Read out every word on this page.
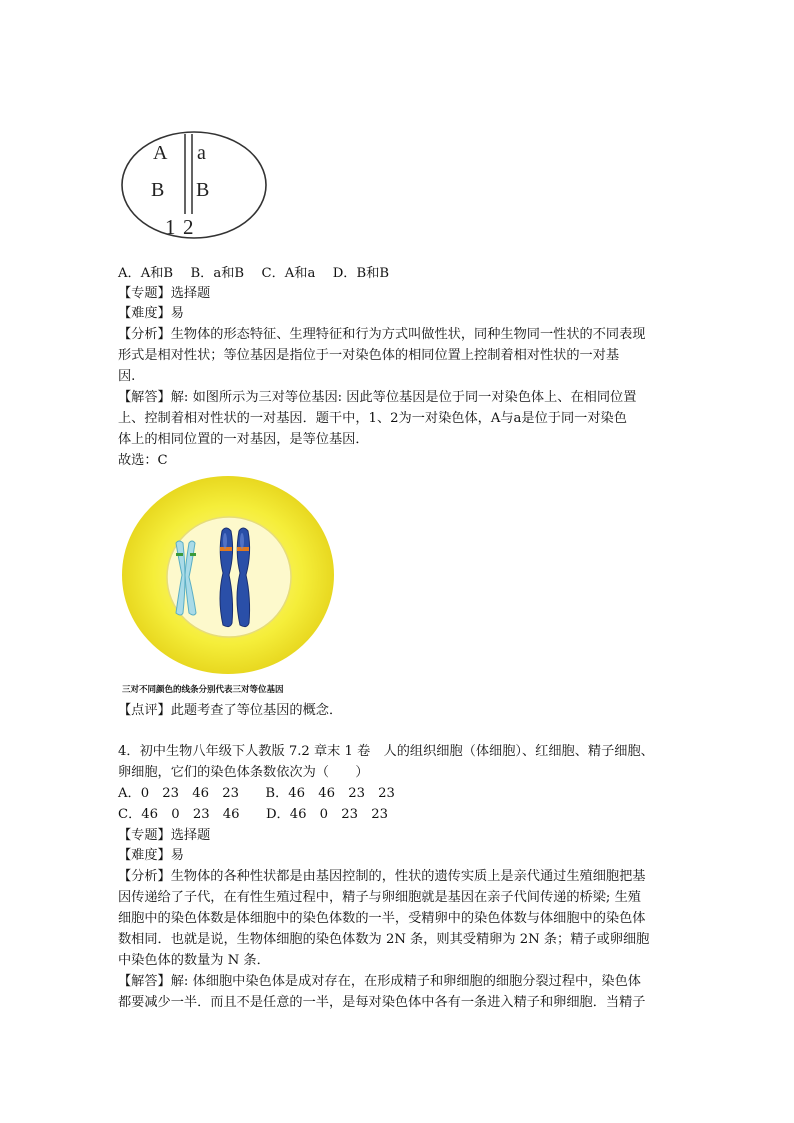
A
B
a
B
1 2
A．A和B　 B．a和B　 C．A和a　 D．B和B
【专题】选择题
【难度】易
【分析】生物体的形态特征、生理特征和行为方式叫做性状，同种生物同一性状的不同表现
形式是相对性状；等位基因是指位于一对染色体的相同位置上控制着相对性状的一对基
因.
【解答】解: 如图所示为三对等位基因: 因此等位基因是位于同一对染色体上、在相同位置
上、控制着相对性状的一对基因．题干中，1、2为一对染色体，A与a是位于同一对染色
体上的相同位置的一对基因，是等位基因．
故选：C
三对不同颜色的线条分别代表三对等位基因
【点评】此题考查了等位基因的概念．
4．初中生物八年级下人教版 7.2 章末 1 卷　人的组织细胞（体细胞）、红细胞、精子细胞、
卵细胞，它们的染色体条数依次为（　　）
A．0　23　46　23　　B．46　46　23　23
C．46　0　23　46　　D．46　0　23　23
【专题】选择题
【难度】易
【分析】生物体的各种性状都是由基因控制的，性状的遗传实质上是亲代通过生殖细胞把基
因传递给了子代，在有性生殖过程中，精子与卵细胞就是基因在亲子代间传递的桥梁; 生殖
细胞中的染色体数是体细胞中的染色体数的一半，受精卵中的染色体数与体细胞中的染色体
数相同．也就是说，生物体细胞的染色体数为 2N 条，则其受精卵为 2N 条；精子或卵细胞
中染色体的数量为 N 条．
【解答】解: 体细胞中染色体是成对存在，在形成精子和卵细胞的细胞分裂过程中，染色体
都要减少一半．而且不是任意的一半，是每对染色体中各有一条进入精子和卵细胞．当精子
